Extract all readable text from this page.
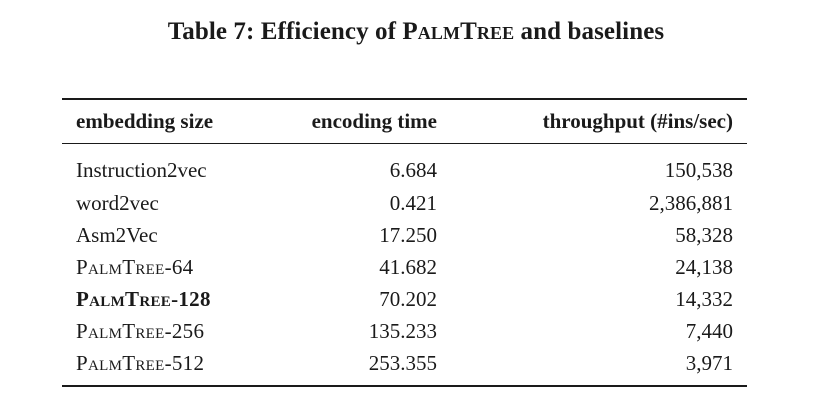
Table 7: Efficiency of PalmTree and baselines
embedding size	encoding time	throughput (#ins/sec)
Instruction2vec	6.684	150,538
word2vec	0.421	2,386,881
Asm2Vec	17.250	58,328
PalmTree-64	41.682	24,138
PalmTree-128	70.202	14,332
PalmTree-256	135.233	7,440
PalmTree-512	253.355	3,971
